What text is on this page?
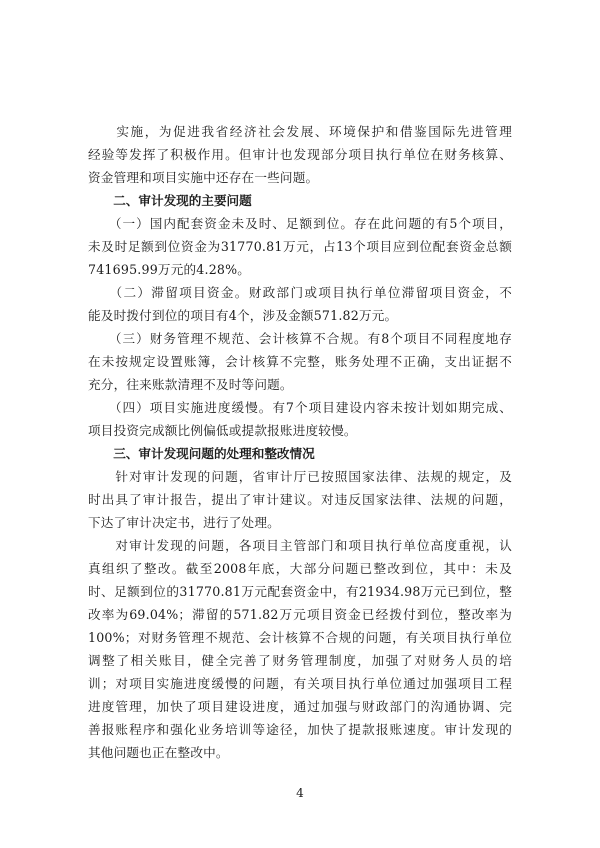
　　实施，为促进我省经济社会发展、环境保护和借鉴国际先进管理
经验等发挥了积极作用。但审计也发现部分项目执行单位在财务核算、
资金管理和项目实施中还存在一些问题。
　　二、审计发现的主要问题
　　（一）国内配套资金未及时、足额到位。存在此问题的有5个项目，
未及时足额到位资金为31770.81万元，占13个项目应到位配套资金总额
741695.99万元的4.28%。
　　（二）滞留项目资金。财政部门或项目执行单位滞留项目资金，不
能及时拨付到位的项目有4个，涉及金额571.82万元。
　　（三）财务管理不规范、会计核算不合规。有8个项目不同程度地存
在未按规定设置账簿，会计核算不完整，账务处理不正确，支出证据不
充分，往来账款清理不及时等问题。
　　（四）项目实施进度缓慢。有7个项目建设内容未按计划如期完成、
项目投资完成额比例偏低或提款报账进度较慢。
　　三、审计发现问题的处理和整改情况
　　针对审计发现的问题，省审计厅已按照国家法律、法规的规定，及
时出具了审计报告，提出了审计建议。对违反国家法律、法规的问题，
下达了审计决定书，进行了处理。
　　对审计发现的问题，各项目主管部门和项目执行单位高度重视，认
真组织了整改。截至2008年底，大部分问题已整改到位，其中：未及
时、足额到位的31770.81万元配套资金中，有21934.98万元已到位，整
改率为69.04%；滞留的571.82万元项目资金已经拨付到位，整改率为
100%；对财务管理不规范、会计核算不合规的问题，有关项目执行单位
调整了相关账目，健全完善了财务管理制度，加强了对财务人员的培
训；对项目实施进度缓慢的问题，有关项目执行单位通过加强项目工程
进度管理，加快了项目建设进度，通过加强与财政部门的沟通协调、完
善报账程序和强化业务培训等途径，加快了提款报账速度。审计发现的
其他问题也正在整改中。
4
